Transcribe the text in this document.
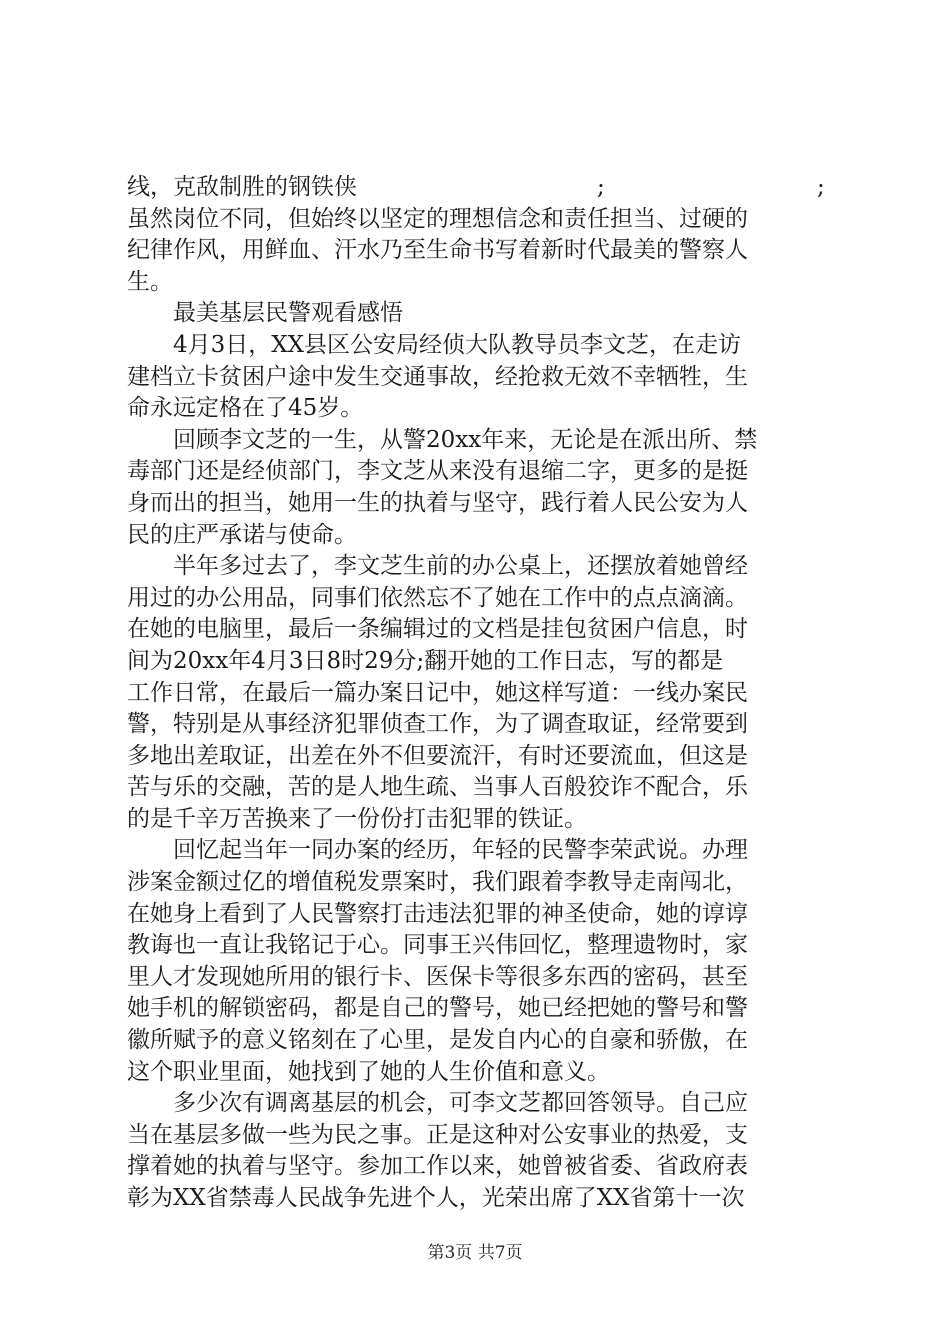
线，克敌制胜的钢铁侠	;	;
虽然岗位不同，但始终以坚定的理想信念和责任担当、过硬的
纪律作风，用鲜血、汗水乃至生命书写着新时代最美的警察人
生。
最美基层民警观看感悟
4月3日，XX县区公安局经侦大队教导员李文芝，在走访
建档立卡贫困户途中发生交通事故，经抢救无效不幸牺牲，生
命永远定格在了45岁。
回顾李文芝的一生，从警20xx年来，无论是在派出所、禁
毒部门还是经侦部门，李文芝从来没有退缩二字，更多的是挺
身而出的担当，她用一生的执着与坚守，践行着人民公安为人
民的庄严承诺与使命。
半年多过去了，李文芝生前的办公桌上，还摆放着她曾经
用过的办公用品，同事们依然忘不了她在工作中的点点滴滴。
在她的电脑里，最后一条编辑过的文档是挂包贫困户信息，时
间为20xx年4月3日8时29分;翻开她的工作日志，写的都是
工作日常，在最后一篇办案日记中，她这样写道：一线办案民
警，特别是从事经济犯罪侦查工作，为了调查取证，经常要到
多地出差取证，出差在外不但要流汗，有时还要流血，但这是
苦与乐的交融，苦的是人地生疏、当事人百般狡诈不配合，乐
的是千辛万苦换来了一份份打击犯罪的铁证。
回忆起当年一同办案的经历，年轻的民警李荣武说。办理
涉案金额过亿的增值税发票案时，我们跟着李教导走南闯北，
在她身上看到了人民警察打击违法犯罪的神圣使命，她的谆谆
教诲也一直让我铭记于心。同事王兴伟回忆，整理遗物时，家
里人才发现她所用的银行卡、医保卡等很多东西的密码，甚至
她手机的解锁密码，都是自己的警号，她已经把她的警号和警
徽所赋予的意义铭刻在了心里，是发自内心的自豪和骄傲，在
这个职业里面，她找到了她的人生价值和意义。
多少次有调离基层的机会，可李文芝都回答领导。自己应
当在基层多做一些为民之事。正是这种对公安事业的热爱，支
撑着她的执着与坚守。参加工作以来，她曾被省委、省政府表
彰为XX省禁毒人民战争先进个人，光荣出席了XX省第十一次
第3页 共7页
